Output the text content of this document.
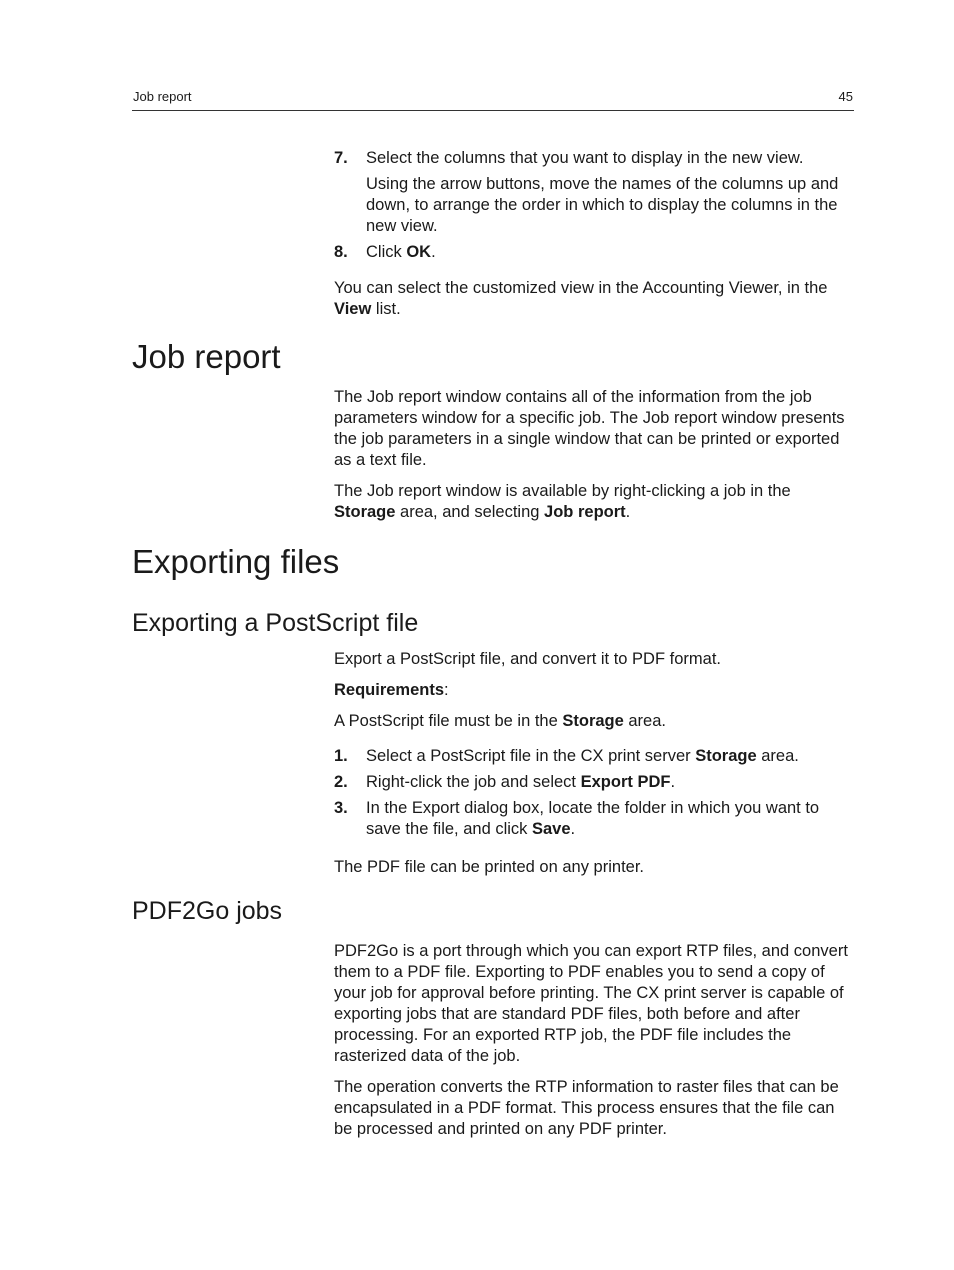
Job report	45
7. Select the columns that you want to display in the new view.
Using the arrow buttons, move the names of the columns up and down, to arrange the order in which to display the columns in the new view.
8. Click OK.

You can select the customized view in the Accounting Viewer, in the View list.

Job report

The Job report window contains all of the information from the job parameters window for a specific job. The Job report window presents the job parameters in a single window that can be printed or exported as a text file.

The Job report window is available by right-clicking a job in the Storage area, and selecting Job report.

Exporting files
Exporting a PostScript file

Export a PostScript file, and convert it to PDF format.

Requirements:

A PostScript file must be in the Storage area.

1. Select a PostScript file in the CX print server Storage area.
2. Right-click the job and select Export PDF.
3. In the Export dialog box, locate the folder in which you want to save the file, and click Save.

The PDF file can be printed on any printer.

PDF2Go jobs

PDF2Go is a port through which you can export RTP files, and convert them to a PDF file. Exporting to PDF enables you to send a copy of your job for approval before printing. The CX print server is capable of exporting jobs that are standard PDF files, both before and after processing. For an exported RTP job, the PDF file includes the rasterized data of the job.

The operation converts the RTP information to raster files that can be encapsulated in a PDF format. This process ensures that the file can be processed and printed on any PDF printer.
